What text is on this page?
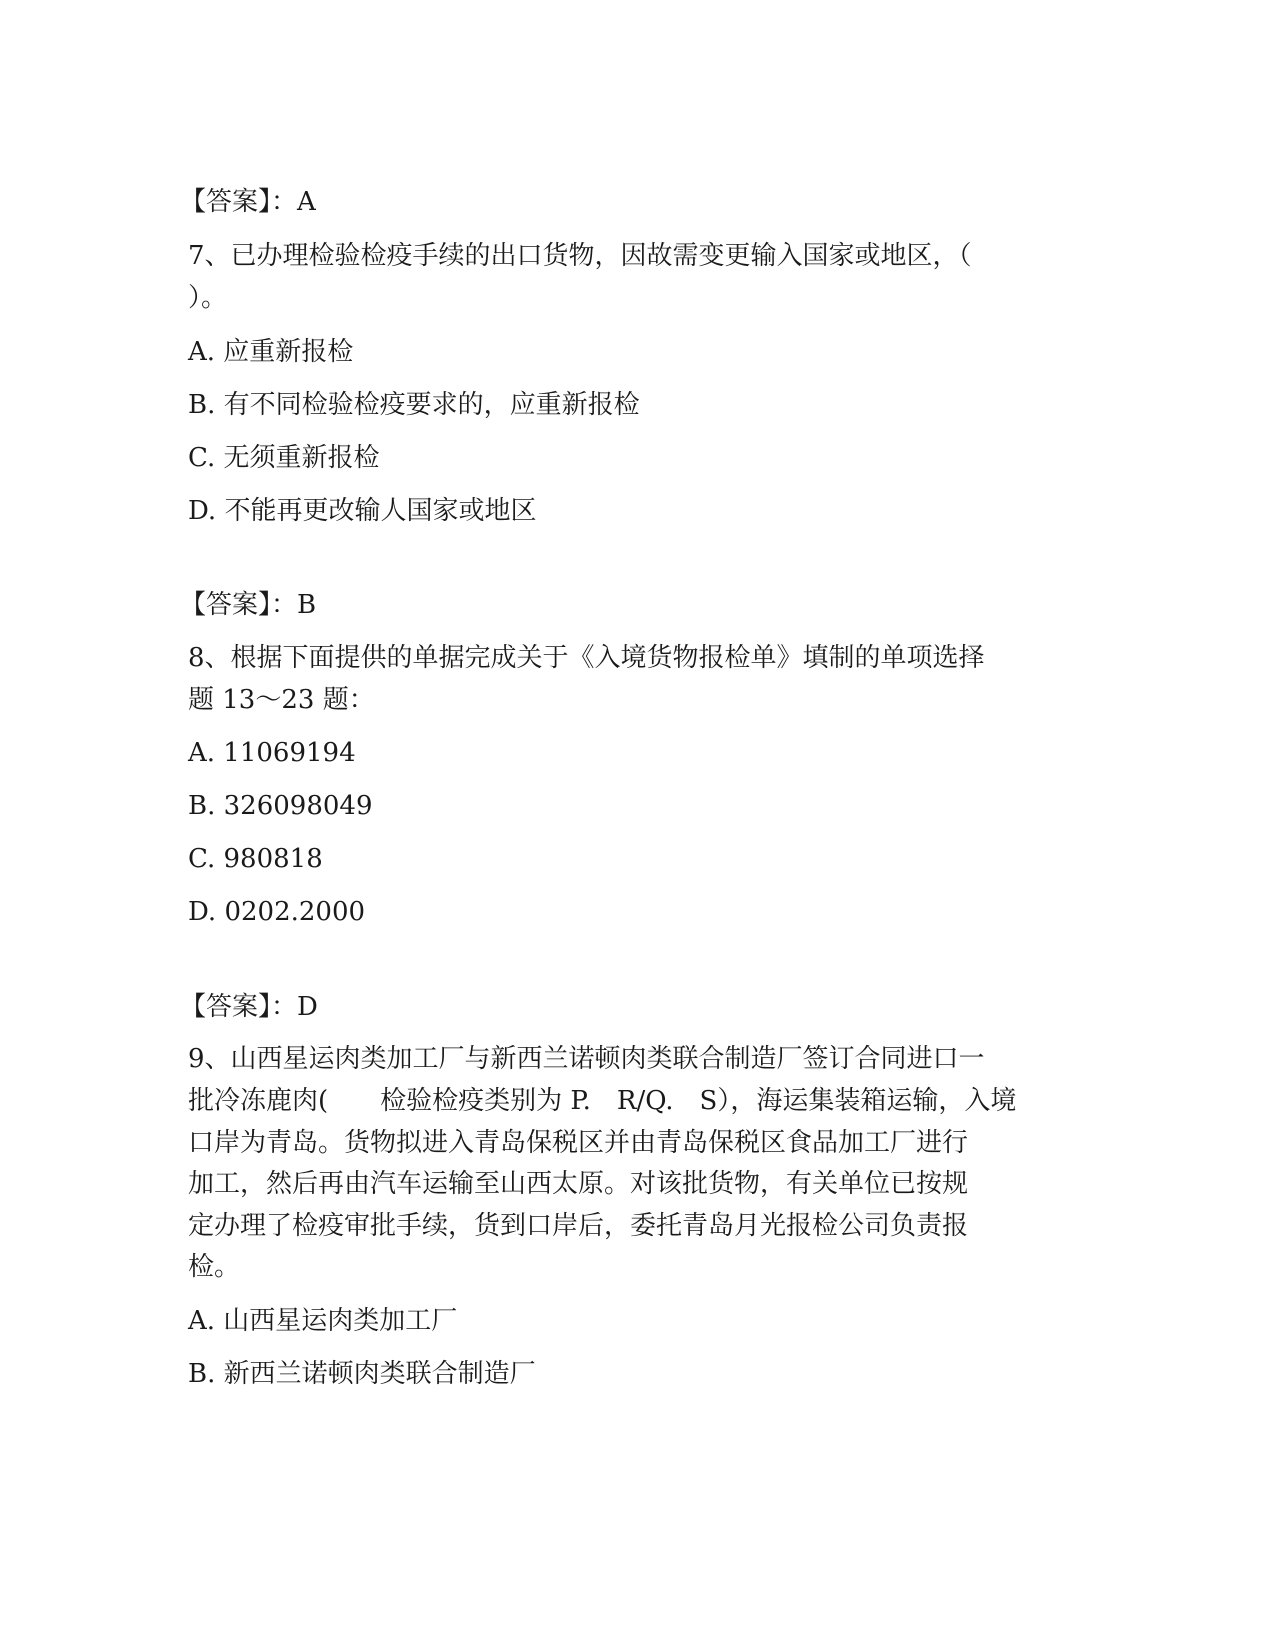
【答案】：A
7、已办理检验检疫手续的出口货物，因故需变更输入国家或地区，（
）。
A. 应重新报检
B. 有不同检验检疫要求的，应重新报检
C. 无须重新报检
D. 不能再更改输人国家或地区
【答案】：B
8、根据下面提供的单据完成关于《入境货物报检单》填制的单项选择
题 13～23 题：
A. 11069194
B. 326098049
C. 980818
D. 0202.2000
【答案】：D
9、山西星运肉类加工厂与新西兰诺顿肉类联合制造厂签订合同进口一
批冷冻鹿肉(　　检验检疫类别为 P.　R/Q.　S），海运集装箱运输，入境
口岸为青岛。货物拟进入青岛保税区并由青岛保税区食品加工厂进行
加工，然后再由汽车运输至山西太原。对该批货物，有关单位已按规
定办理了检疫审批手续，货到口岸后，委托青岛月光报检公司负责报
检。
A. 山西星运肉类加工厂
B. 新西兰诺顿肉类联合制造厂
